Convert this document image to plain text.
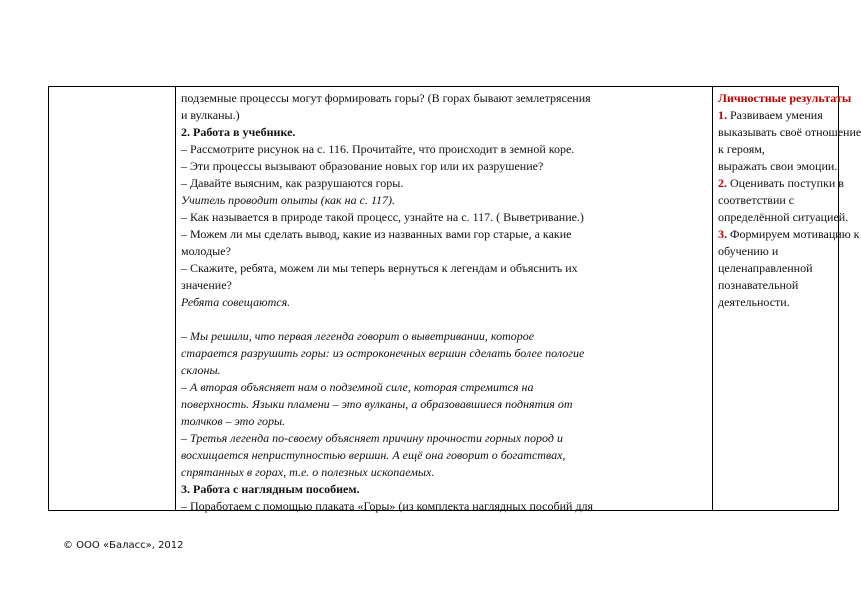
подземные процессы могут формировать горы? (В горах бывают землетрясения
и вулканы.)
2. Работа в учебнике.
– Рассмотрите рисунок на с. 116. Прочитайте, что происходит в земной коре.
– Эти процессы вызывают образование новых гор или их разрушение?
– Давайте выясним, как разрушаются горы.
Учитель проводит опыты (как на с. 117).
– Как называется в природе такой процесс, узнайте на с. 117. ( Выветривание.)
– Можем ли мы сделать вывод, какие из названных вами гор старые, а какие
молодые?
– Скажите, ребята, можем ли мы теперь вернуться к легендам и объяснить их
значение?
Ребята совещаются.
– Мы решили, что первая легенда говорит о выветривании, которое
старается разрушить горы: из остроконечных вершин сделать более пологие
склоны.
– А вторая объясняет нам о подземной силе, которая стремится на
поверхность. Языки пламени – это вулканы, а образовавшиеся поднятия от
толчков – это горы.
– Третья легенда по-своему объясняет причину прочности горных пород и
восхищается неприступностью вершин. А ещё она говорит о богатствах,
спрятанных в горах, т.е. о полезных ископаемых.
3. Работа с наглядным пособием.
– Поработаем с помощью плаката «Горы» (из комплекта наглядных пособий для
Личностные результаты
1. Развиваем умения
выказывать своё отношение
к героям,
выражать свои эмоции.
2. Оценивать поступки в
соответствии с
определённой ситуацией.
3. Формируем мотивацию к
обучению и
целенаправленной
познавательной
деятельности.
© ООО «Баласс», 2012
